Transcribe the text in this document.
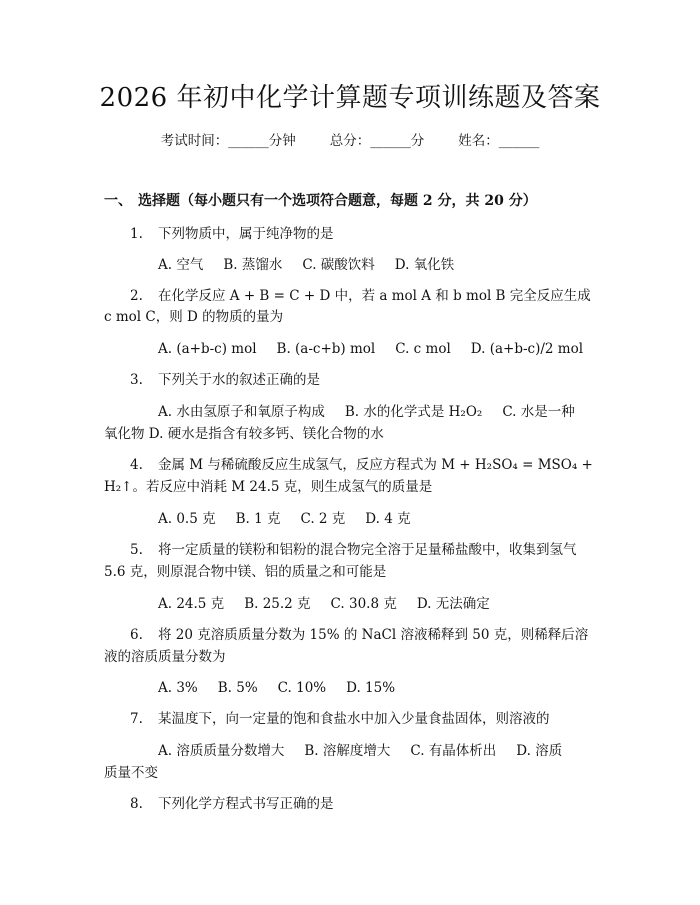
2026 年初中化学计算题专项训练题及答案
考试时间：______分钟	总分：______分	姓名：______
一、 选择题（每小题只有一个选项符合题意，每题 2 分，共 20 分）
1. 下列物质中，属于纯净物的是
A. 空气 B. 蒸馏水 C. 碳酸饮料 D. 氧化铁
2. 在化学反应 A + B = C + D 中，若 a mol A 和 b mol B 完全反应生成
c mol C，则 D 的物质的量为
A. (a+b-c) mol B. (a-c+b) mol C. c mol D. (a+b-c)/2 mol
3. 下列关于水的叙述正确的是
A. 水由氢原子和氧原子构成 B. 水的化学式是 H₂O₂ C. 水是一种
氧化物 D. 硬水是指含有较多钙、镁化合物的水
4. 金属 M 与稀硫酸反应生成氢气，反应方程式为 M + H₂SO₄ = MSO₄ +
H₂↑。若反应中消耗 M 24.5 克，则生成氢气的质量是
A. 0.5 克 B. 1 克 C. 2 克 D. 4 克
5. 将一定质量的镁粉和铝粉的混合物完全溶于足量稀盐酸中，收集到氢气
5.6 克，则原混合物中镁、铝的质量之和可能是
A. 24.5 克 B. 25.2 克 C. 30.8 克 D. 无法确定
6. 将 20 克溶质质量分数为 15% 的 NaCl 溶液稀释到 50 克，则稀释后溶
液的溶质质量分数为
A. 3% B. 5% C. 10% D. 15%
7. 某温度下，向一定量的饱和食盐水中加入少量食盐固体，则溶液的
A. 溶质质量分数增大 B. 溶解度增大 C. 有晶体析出 D. 溶质
质量不变
8. 下列化学方程式书写正确的是
